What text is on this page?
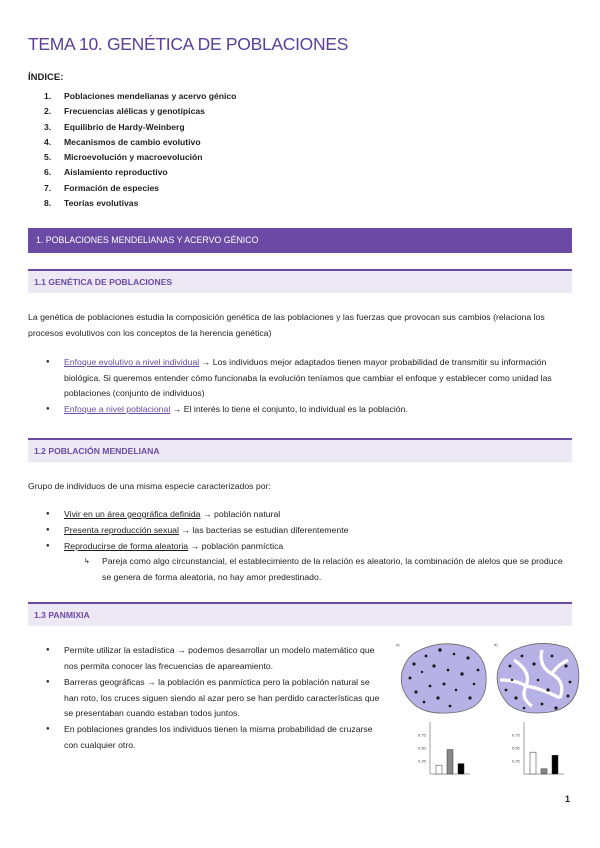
TEMA 10. GENÉTICA DE POBLACIONES
ÍNDICE:
1. Poblaciones mendelianas y acervo génico
2. Frecuencias alélicas y genotípicas
3. Equilibrio de Hardy-Weinberg
4. Mecanismos de cambio evolutivo
5. Microevolución y macroevolución
6. Aislamiento reproductivo
7. Formación de especies
8. Teorías evolutivas
1. POBLACIONES MENDELIANAS Y ACERVO GÉNICO
1.1 GENÉTICA DE POBLACIONES

La genética de poblaciones estudia la composición genética de las poblaciones y las fuerzas que provocan sus cambios (relaciona los procesos evolutivos con los conceptos de la herencia genética)

● Enfoque evolutivo a nivel individual → Los individuos mejor adaptados tienen mayor probabilidad de transmitir su información biológica. Si queremos entender cómo funcionaba la evolución teníamos que cambiar el enfoque y establecer como unidad las poblaciones (conjunto de individuos)

● Enfoque a nivel poblacional → El interés lo tiene el conjunto, lo individual es la población.

1.2 POBLACIÓN MENDELIANA

Grupo de individuos de una misma especie caracterizados por:

● Vivir en un área geográfica definida → población natural

● Presenta reproducción sexual → las bacterias se estudian diferentemente

● Reproducirse de forma aleatoria → población panmíctica

↳ Pareja como algo circunstancial, el establecimiento de la relación es aleatorio, la combinación de alelos que se produce se genera de forma aleatoria, no hay amor predestinado.

1.3 PANMIXIA

● Permite utilizar la estadística → podemos desarrollar un modelo matemático que nos permita conocer las frecuencias de apareamiento.

● Barreras geográficas → la población es panmíctica pero la población natural se han roto, los cruces siguen siendo al azar pero se han perdido características que se presentaban cuando estaban todos juntos.

● En poblaciones grandes los individuos tienen la misma probabilidad de cruzarse con cualquier otro.

a)	b)
0.75
0.50
0.25
0.75
0.50
0.25
1
